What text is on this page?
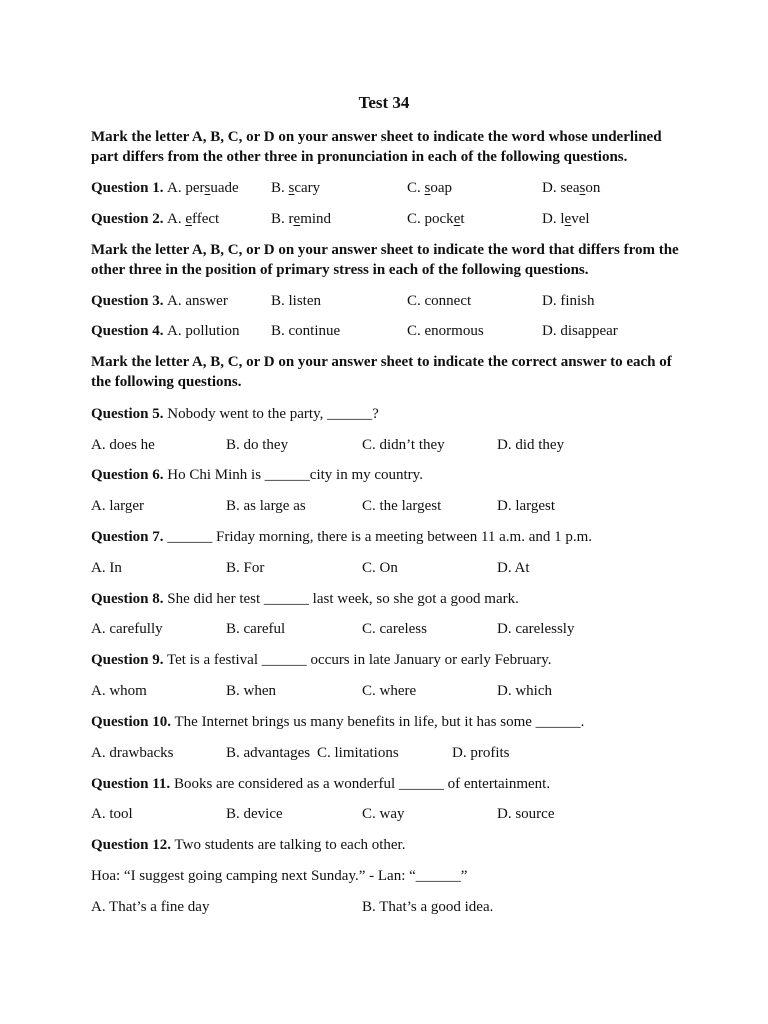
Test 34
Mark the letter A, B, C, or D on your answer sheet to indicate the word whose underlined part differs from the other three in pronunciation in each of the following questions.
Question 1. A. persuade B. scary	C. soap	D. season
Question 2. A. effect	B. remind	C. pocket	D. level
Mark the letter A, B, C, or D on your answer sheet to indicate the word that differs from the other three in the position of primary stress in each of the following questions.
Question 3. A. answer	B. listen	C. connect	D. finish
Question 4. A. pollution B. continue	C. enormous	D. disappear
Mark the letter A, B, C, or D on your answer sheet to indicate the correct answer to each of the following questions.
Question 5. Nobody went to the party, ______?
A. does he	B. do they	C. didn’t they	D. did they
Question 6. Ho Chi Minh is ______city in my country.
A. larger	B. as large as	C. the largest	D. largest
Question 7. ______ Friday morning, there is a meeting between 11 a.m. and 1 p.m.
A. In	B. For	C. On	D. At
Question 8. She did her test ______ last week, so she got a good mark.
A. carefully	B. careful	C. careless	D. carelessly
Question 9. Tet is a festival ______ occurs in late January or early February.
A. whom	B. when	C. where	D. which
Question 10. The Internet brings us many benefits in life, but it has some ______.
A. drawbacks	B. advantages C. limitations	D. profits
Question 11. Books are considered as a wonderful ______ of entertainment.
A. tool	B. device	C. way	D. source
Question 12. Two students are talking to each other.
Hoa: “I suggest going camping next Sunday.” - Lan: “______”
A. That’s a fine day	B. That’s a good idea.
